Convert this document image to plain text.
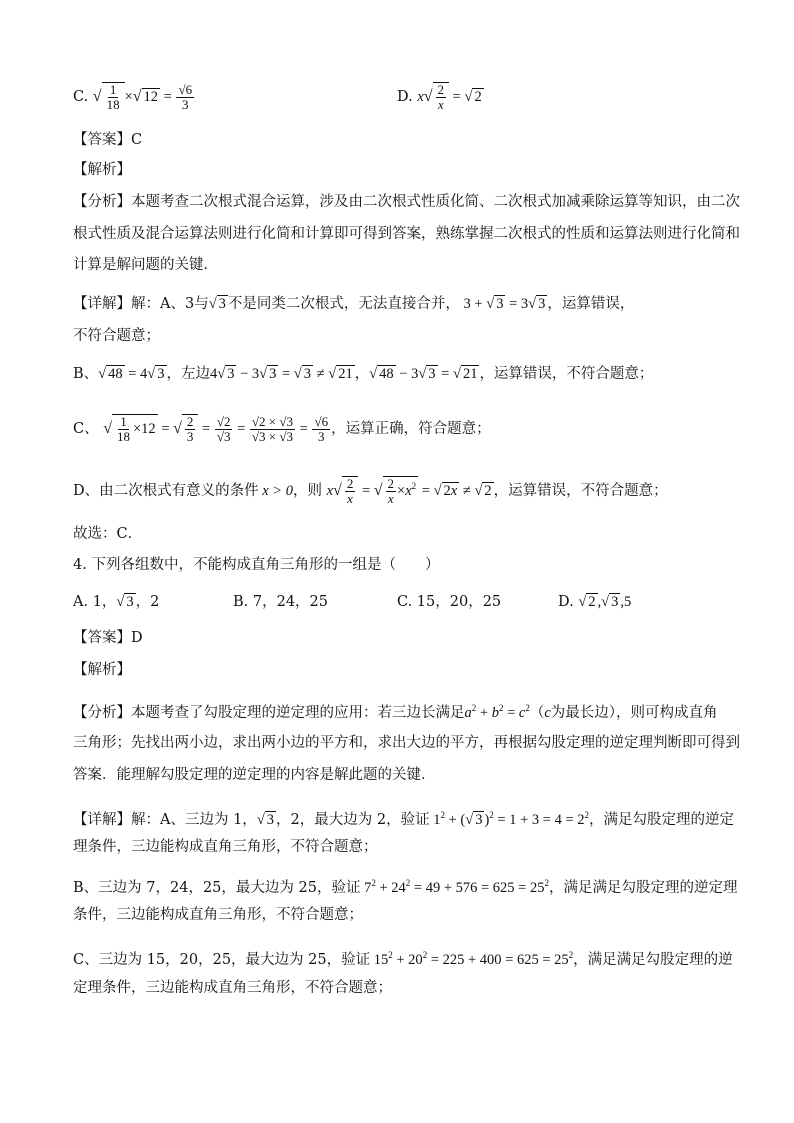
C. √ $\frac{1}{18}$ ×√ $12 = \frac{√6}{3}$	D. $x√ \frac{2}{x}$ = √ 2
【答案】C
【解析】
【分析】本题考查二次根式混合运算，涉及由二次根式性质化简、二次根式加减乘除运算等知识，由二次
根式性质及混合运算法则进行化简和计算即可得到答案，熟练掌握二次根式的性质和运算法则进行化简和
计算是解问题的关键．
【详解】解：A、3与√ 3 不是同类二次根式，无法直接合并， 3 + √ 3 = 3√ 3 ，运算错误，
不符合题意；
B、√ 48 = 4√ 3 ，左边4√ 3 − 3√ 3 = √ 3 ≠ √ 21 ，√ 48 − 3√ 3 = √ 21 ，运算错误，不符合题意；
C、 √ $\frac{1}{18} \times 12$ = √ $\frac{2}{3} = \frac{√2}{√3} = \frac{√2 \times √3}{√3 \times √3} = \frac{√6}{3}$ ，运算正确，符合题意；
D、由二次根式有意义的条件 x > 0，则 $x√ \frac{2}{x}$ = √ $\frac{2}{x} \times x^2$ = √ 2x ≠ √ 2 ，运算错误，不符合题意；
故选：C．
4. 下列各组数中，不能构成直角三角形的一组是（　　）
A. 1，√ 3 ，2	B. 7，24，25	C. 15，20，25	D. √ 2 ,√ 3 ,5
【答案】D
【解析】
【分析】本题考查了勾股定理的逆定理的应用：若三边长满足$a^2 + b^2 = c^2(c$为最长边），则可构成直角
三角形；先找出两小边，求出两小边的平方和，求出大边的平方，再根据勾股定理的逆定理判断即可得到
答案．能理解勾股定理的逆定理的内容是解此题的关键．
【详解】解：A、三边为 1，√ 3 ，2，最大边为 2，验证 $1^2$ + (√ 3 )$^2 = 1 + 3 = 4 = 2^2$，满足勾股定理的逆定
理条件，三边能构成直角三角形，不符合题意；
B、三边为 7，24，25，最大边为 25，验证 $7^2 + 24^2 = 49 + 576 = 625 = 25^2$，满足满足勾股定理的逆定理
条件，三边能构成直角三角形，不符合题意；
C、三边为 15，20，25，最大边为 25，验证 $15^2 + 20^2 = 225 + 400 = 625 = 25^2$，满足满足勾股定理的逆
定理条件，三边能构成直角三角形，不符合题意；
